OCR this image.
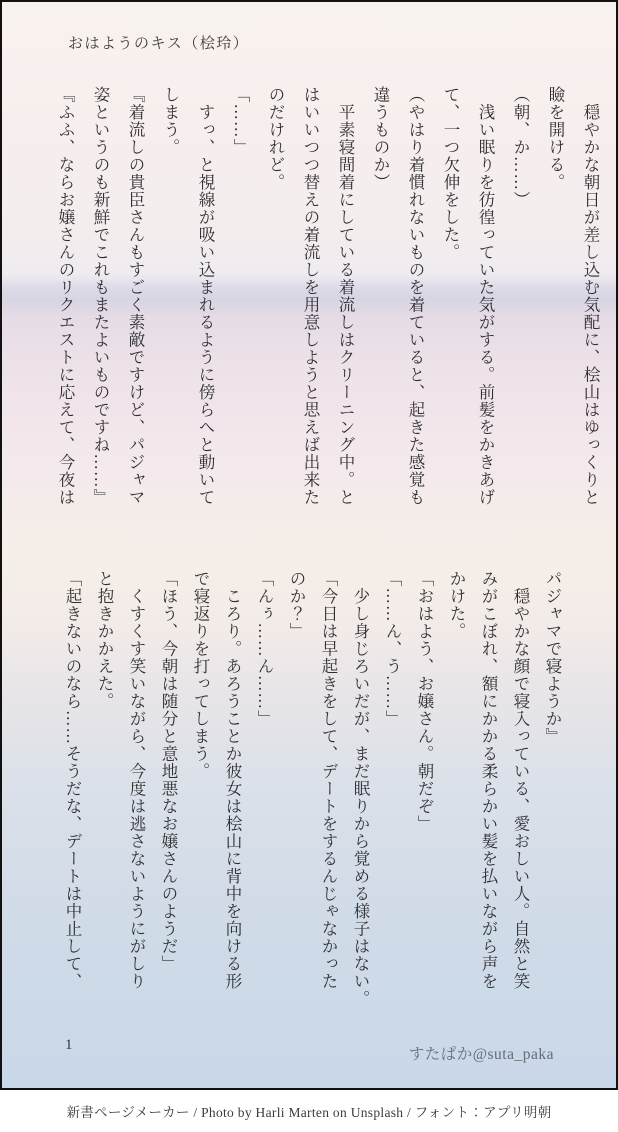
おはようのキス（桧玲）
　穏やかな朝日が差し込む気配に、桧山はゆっくりと
瞼を開ける。
（朝、か……）
　浅い眠りを彷徨っていた気がする。前髪をかきあげ
て、一つ欠伸をした。
（やはり着慣れないものを着ていると、起きた感覚も
違うものか）
　平素寝間着にしている着流しはクリーニング中。と
はいいつつ替えの着流しを用意しようと思えば出来た
のだけれど。
「……」
　すっ、と視線が吸い込まれるように傍らへと動いて
しまう。
『着流しの貴臣さんもすごく素敵ですけど、パジャマ
姿というのも新鮮でこれもまたよいものですね……』
『ふふ、ならお嬢さんのリクエストに応えて、今夜は
パジャマで寝ようか』
　穏やかな顔で寝入っている、愛おしい人。自然と笑
みがこぼれ、額にかかる柔らかい髪を払いながら声を
かけた。
「おはよう、お嬢さん。朝だぞ」
「……ん、う……」
　少し身じろいだが、まだ眠りから覚める様子はない。
「今日は早起きをして、デートをするんじゃなかった
のか？」
「んぅ……ん……」
　ころり。あろうことか彼女は桧山に背中を向ける形
で寝返りを打ってしまう。
「ほう、今朝は随分と意地悪なお嬢さんのようだ」
　くすくす笑いながら、今度は逃さないようにがしり
と抱きかかえた。
「起きないのなら……そうだな、デートは中止して、
1
すたぱか@suta_paka
新書ページメーカー / Photo by Harli Marten on Unsplash / フォント：アプリ明朝
